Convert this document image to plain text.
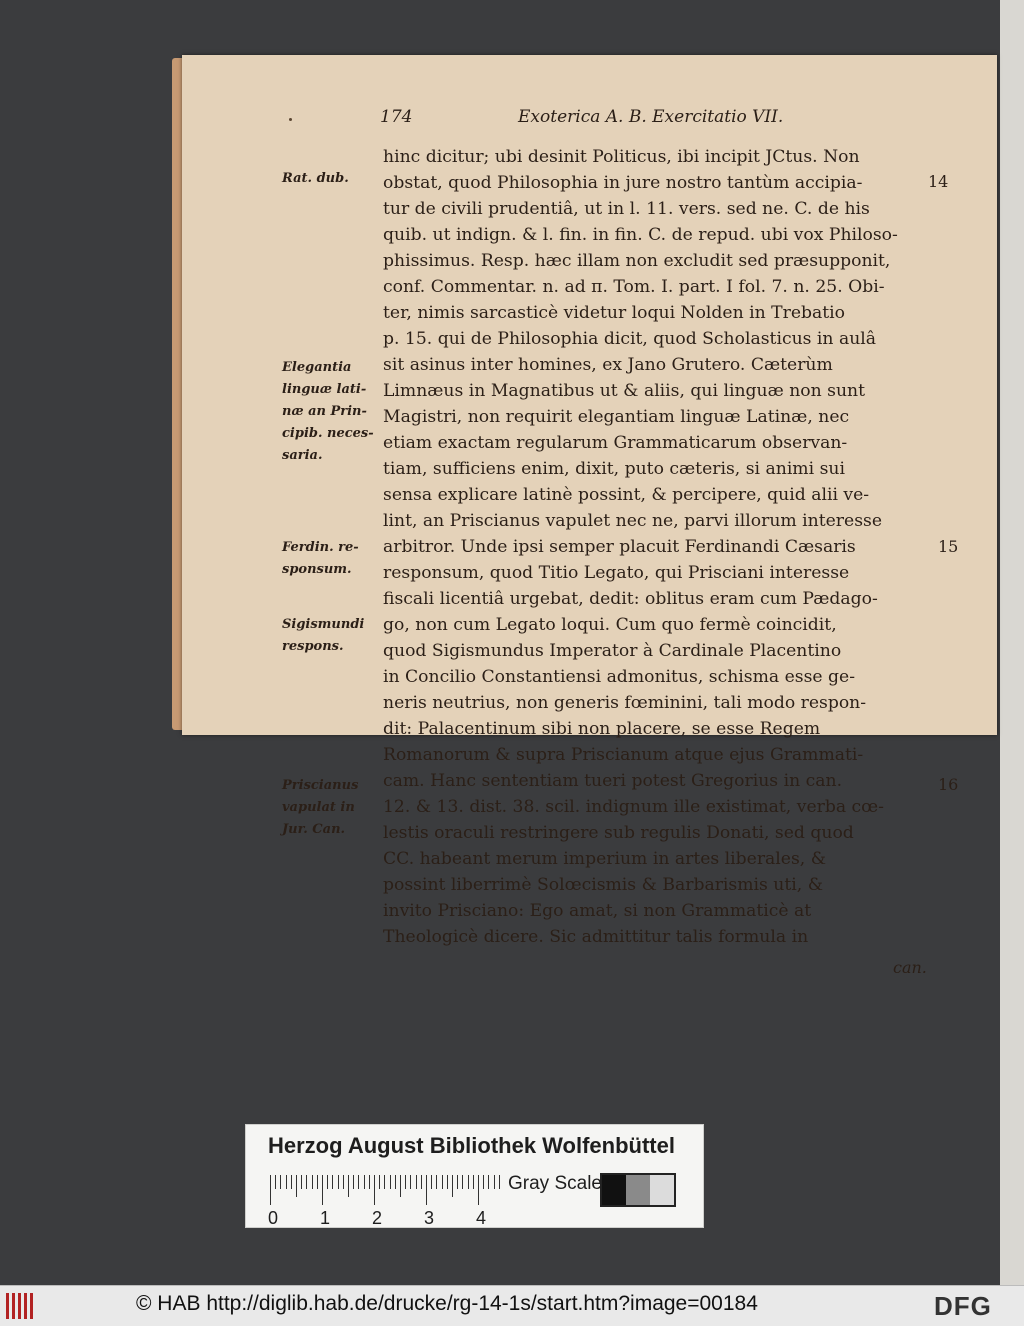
174	Exoterica A. B. Exercitatio VII.
hinc dicitur; ubi desinit Politicus, ibi incipit JCtus. Non
obstat, quod Philosophia in jure nostro tantùm accipia-
tur de civili prudentiâ, ut in l. 11. vers. sed ne. C. de his
quib. ut indign. & l. fin. in fin. C. de repud. ubi vox Philoso-
phissimus. Resp. hæc illam non excludit sed præsupponit,
conf. Commentar. n. ad π. Tom. I. part. I fol. 7. n. 25. Obi-
ter, nimis sarcasticè videtur loqui Nolden in Trebatio
p. 15. qui de Philosophia dicit, quod Scholasticus in aulâ
sit asinus inter homines, ex Jano Grutero. Cæterùm
Limnæus in Magnatibus ut & aliis, qui linguæ non sunt
Magistri, non requirit elegantiam linguæ Latinæ, nec
etiam exactam regularum Grammaticarum observan-
tiam, sufficiens enim, dixit, puto cæteris, si animi sui
sensa explicare latinè possint, & percipere, quid alii ve-
lint, an Priscianus vapulet nec ne, parvi illorum interesse
arbitror. Unde ipsi semper placuit Ferdinandi Cæsaris
responsum, quod Titio Legato, qui Prisciani interesse
fiscali licentiâ urgebat, dedit: oblitus eram cum Pædago-
go, non cum Legato loqui. Cum quo fermè coincidit,
quod Sigismundus Imperator à Cardinale Placentino
in Concilio Constantiensi admonitus, schisma esse ge-
neris neutrius, non generis fœminini, tali modo respon-
dit: Palacentinum sibi non placere, se esse Regem
Romanorum & supra Priscianum atque ejus Grammati-
cam. Hanc sententiam tueri potest Gregorius in can.
12. & 13. dist. 38. scil. indignum ille existimat, verba cœ-
lestis oraculi restringere sub regulis Donati, sed quod
CC. habeant merum imperium in artes liberales, &
possint liberrimè Solœcismis & Barbarismis uti, &
invito Prisciano: Ego amat, si non Grammaticè at
Theologicè dicere. Sic admittitur talis formula in
Rat. dub.
Elegantia
linguæ lati-
næ an Prin-
cipib. neces-
saria.
Ferdin. re-
sponsum.
Sigismundi
respons.
Priscianus
vapulat in
Jur. Can.
14
15
16
can.
Herzog August Bibliothek Wolfenbüttel
0 1 2 3 4
Gray Scale
© HAB http://diglib.hab.de/drucke/rg-14-1s/start.htm?image=00184	DFG
